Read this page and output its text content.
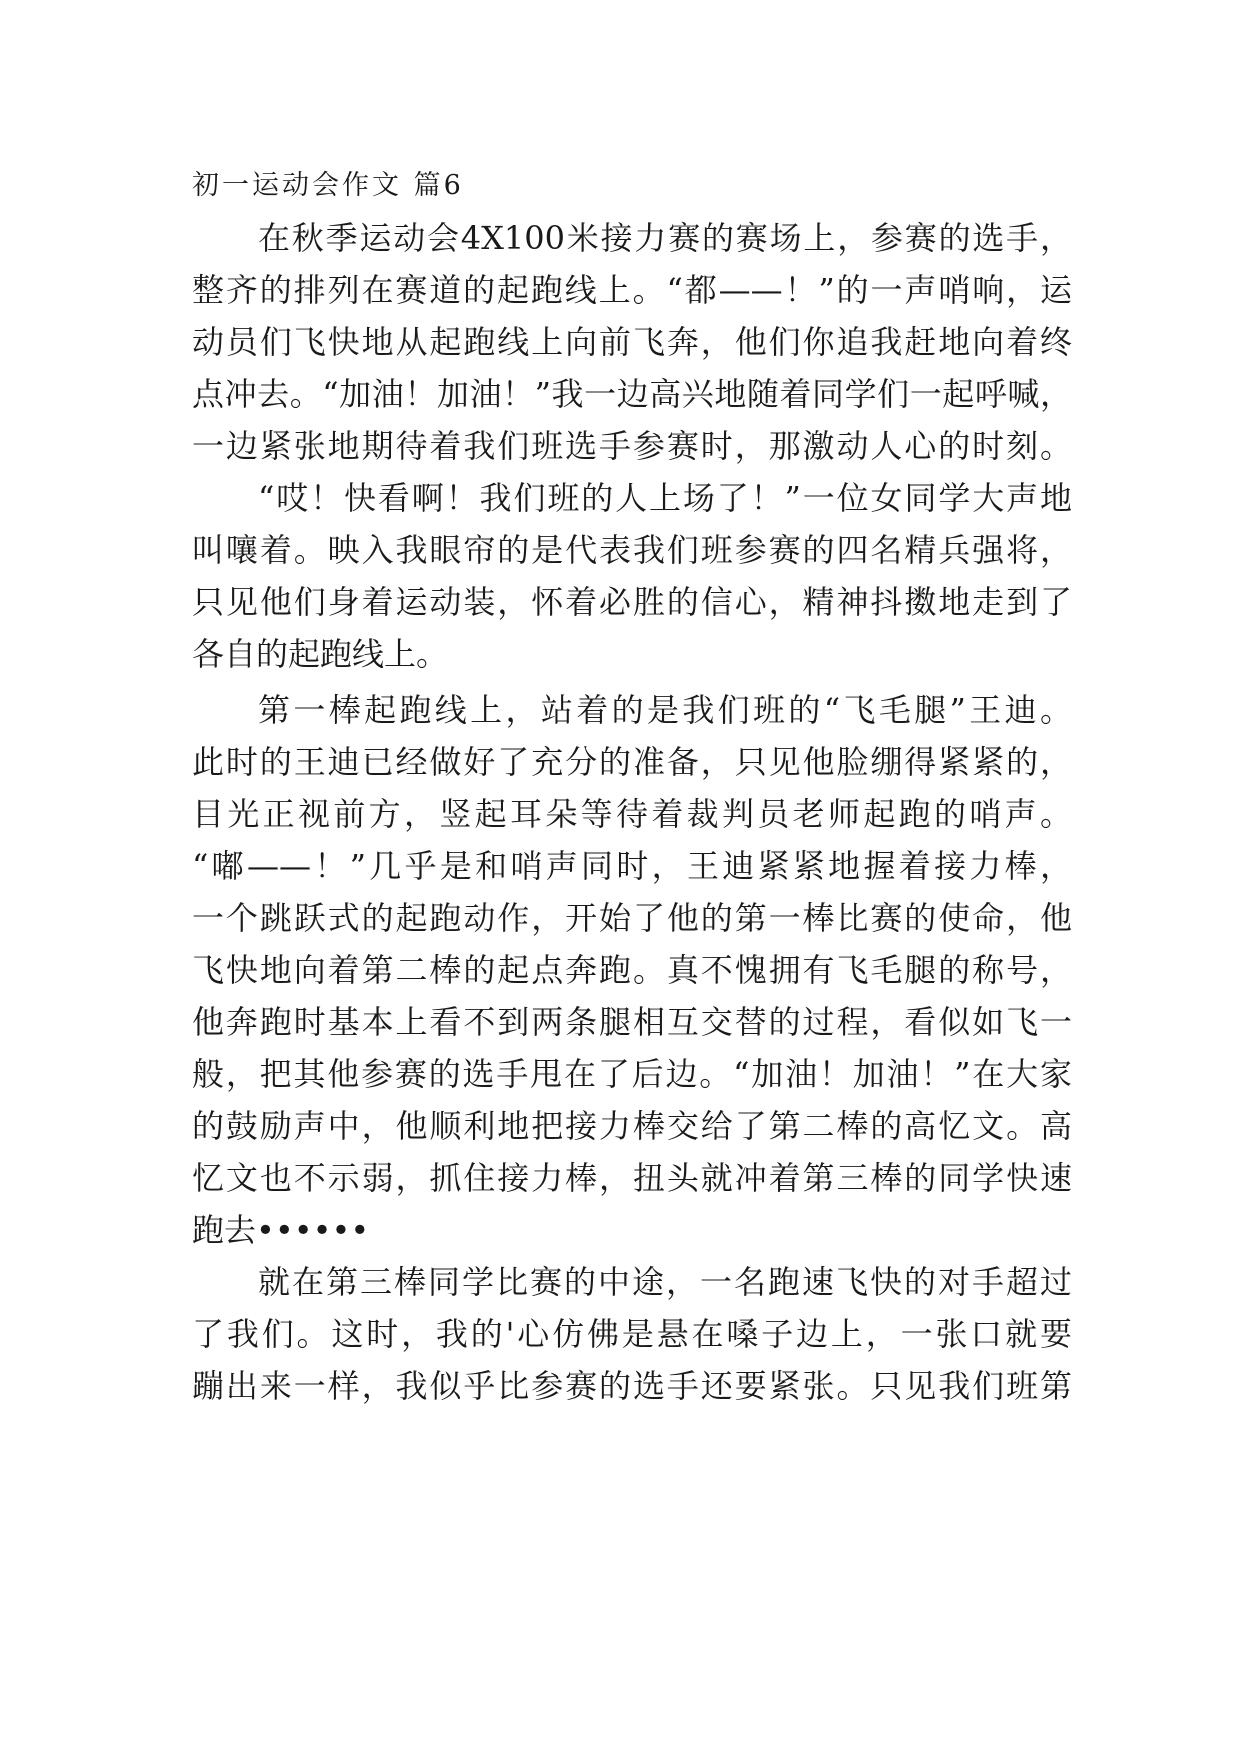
初一运动会作文 篇6
在秋季运动会4X100米接力赛的赛场上，参赛的选手，
整齐的排列在赛道的起跑线上。“都——！”的一声哨响，运
动员们飞快地从起跑线上向前飞奔，他们你追我赶地向着终
点冲去。“加油！加油！”我一边高兴地随着同学们一起呼喊，
一边紧张地期待着我们班选手参赛时，那激动人心的时刻。
“哎！快看啊！我们班的人上场了！”一位女同学大声地
叫嚷着。映入我眼帘的是代表我们班参赛的四名精兵强将，
只见他们身着运动装，怀着必胜的信心，精神抖擞地走到了
各自的起跑线上。
第一棒起跑线上，站着的是我们班的“飞毛腿”王迪。
此时的王迪已经做好了充分的准备，只见他脸绷得紧紧的，
目光正视前方，竖起耳朵等待着裁判员老师起跑的哨声。
“嘟——！”几乎是和哨声同时，王迪紧紧地握着接力棒，
一个跳跃式的起跑动作，开始了他的第一棒比赛的使命，他
飞快地向着第二棒的起点奔跑。真不愧拥有飞毛腿的称号，
他奔跑时基本上看不到两条腿相互交替的过程，看似如飞一
般，把其他参赛的选手甩在了后边。“加油！加油！”在大家
的鼓励声中，他顺利地把接力棒交给了第二棒的高忆文。高
忆文也不示弱，抓住接力棒，扭头就冲着第三棒的同学快速
跑去••••••
就在第三棒同学比赛的中途，一名跑速飞快的对手超过
了我们。这时，我的'心仿佛是悬在嗓子边上，一张口就要
蹦出来一样，我似乎比参赛的选手还要紧张。只见我们班第
